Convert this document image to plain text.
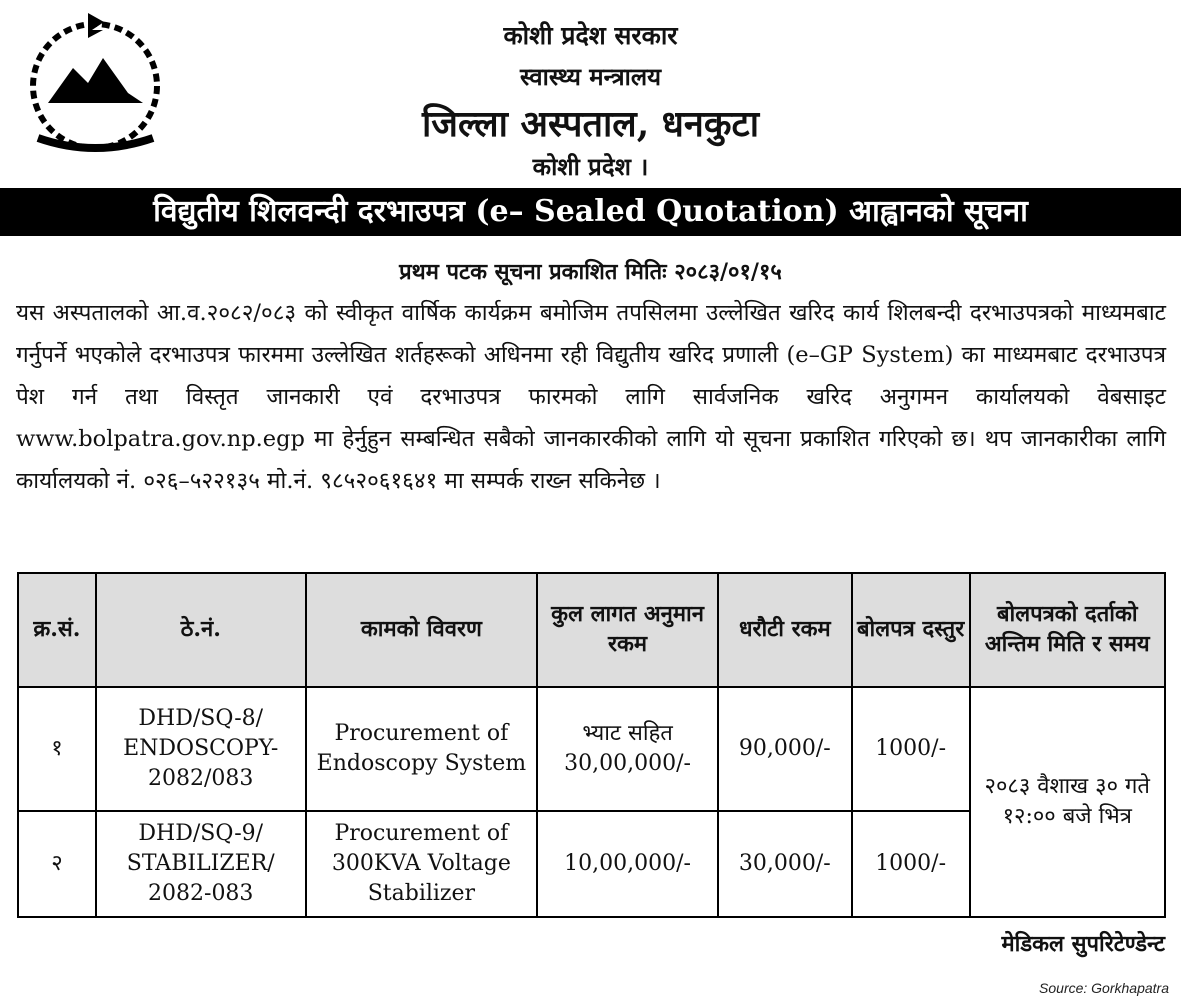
कोशी प्रदेश सरकार
स्वास्थ्य मन्त्रालय
जिल्ला अस्पताल, धनकुटा
कोशी प्रदेश ।
विद्युतीय शिलवन्दी दरभाउपत्र (e– Sealed Quotation) आह्वानको सूचना
प्रथम पटक सूचना प्रकाशित मितिः २०८३/०१/१५

यस अस्पतालको आ.व.२०८२/०८३ को स्वीकृत वार्षिक कार्यक्रम बमोजिम तपसिलमा उल्लेखित खरिद कार्य शिलबन्दी दरभाउपत्रको माध्यमबाट गर्नुपर्ने भएकोले दरभाउपत्र फारममा उल्लेखित शर्तहरूको अधिनमा रही विद्युतीय खरिद प्रणाली (e–GP System) का माध्यमबाट दरभाउपत्र पेश गर्न तथा विस्तृत जानकारी एवं दरभाउपत्र फारमको लागि सार्वजनिक खरिद अनुगमन कार्यालयको वेबसाइट www.bolpatra.gov.np.egp मा हेर्नुहुन सम्बन्धित सबैको जानकारकीको लागि यो सूचना प्रकाशित गरिएको छ। थप जानकारीका लागि कार्यालयको नं. ०२६–५२२१३५ मो.नं. ९८५२०६१६४१ मा सम्पर्क राख्न सकिनेछ ।

क्र.सं.	ठे.नं.	कामको विवरण	कुल लागत अनुमान रकम	धरौटी रकम	बोलपत्र दस्तुर	बोलपत्रको दर्ताको अन्तिम मिति र समय
१	DHD/SQ-8/ ENDOSCOPY- 2082/083	Procurement of Endoscopy System	भ्याट सहित 30,00,000/-	90,000/-	1000/-	२०८३ वैशाख ३० गते १२:०० बजे भित्र
२	DHD/SQ-9/ STABILIZER/ 2082-083	Procurement of 300KVA Voltage Stabilizer	10,00,000/-	30,000/-	1000/-	
मेडिकल सुपरिटेण्डेन्ट
Source: Gorkhapatra
